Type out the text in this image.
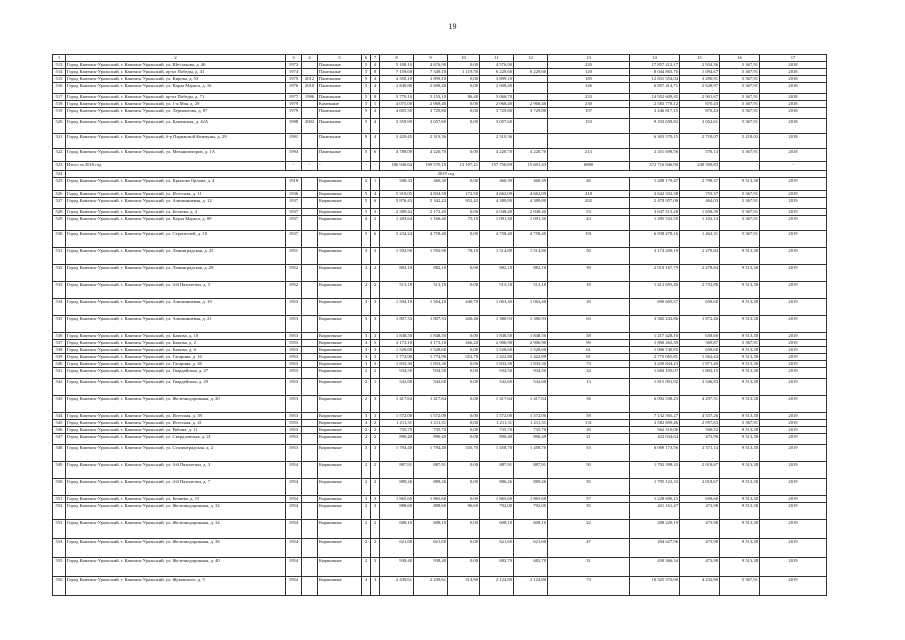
19
1	2	3	4	5	6	7	8	9	10	11	12	13	14	15	16	17
513	Город Каменск-Уральский, г. Каменск-Уральский, ул. Шестакова, д. 46	1973		Панельные	5	4	5 108,10	4 676,90	0,00	4 576,90		220	17 857 212,17	2 934,36	5 367,91	2018
514	Город Каменск-Уральский, г. Каменск-Уральский, пр-кт Победы, д. 41	1974		Панельные	5	8	7 159,60	7 349,10	1 119,50	6 229,60	6 229,60	120	8 044 865,76	1 094,67	5 367,91	2018
515	Город Каменск-Уральский, г. Каменск-Уральский, ул. Кирова, д. 53	1975	2012	Панельные	5	4	4 350,10	3 899,10	0,00	3 899,10		185	12 831 554,04	3 290,91	5 367,91	2018
516	Город Каменск-Уральский, г. Каменск-Уральский, ул. Карла Маркса, д. 16	1976	2010	Панельные	5	4	2 840,80	2 608,40	0,00	2 608,40		126	6 857 414,71	2 628,97	5 367,91	2018
517	Город Каменск-Уральский, г. Каменск-Уральский, пр-кт Победы, д. 71	1977	1996	Панельные	5	8	5 770,10	5 153,10	86,40	5 066,70		233	14 952 609,45	2 901,67	5 367,91	2018
518	Город Каменск-Уральский, г. Каменск-Уральский, ул. 1-я Мая, д. 29	1979		Каменные	5	1	4 075,00	2 968,40	0,00	2 968,40	2 968,40	230	2 583 778,12	870,43	5 367,91	2018
519	Город Каменск-Уральский, г. Каменск-Уральский, ул. Лермонтова, д. 87	1979		Панельные	5	4	4 605,50	3 729,80	0,00	3 729,80	3 729,80	197	3 246 817,15	870,43	5 367,91	2018
520	Город Каменск-Уральский, г. Каменск-Уральский, ул. Каменская, д. 42А	1988	2002	Панельные	5	4	3 359,90	3 057,60	0,00	3 057,60		153	9 333 658,82	3 052,61	5 367,91	2018
521	Город Каменск-Уральский, г. Каменск-Уральский, б-р Парижской Коммуны, д. 29	1991		Панельные	9	4	3 429,45	2 319,36		2 319,36			6 303 570,15	2 718,07	5 218,02	2018
522	Город Каменск-Уральский, г. Каменск-Уральский, ул. Механизаторов, д. 1А	1994		Панельные	5	6	4 788,00	4 220,70	0,00	4 220,70	4 220,70	213	2 451 698,56	576,14	5 367,91	2018
523	Итого за 2018 год	-	-	-	-	-	186 940,64	169 570,10	13 107,21	157 750,89	15 601,43	6880	372 716 846,90	240 509,83	-	-
524	2019 год															
525	Город Каменск-Уральский, г. Каменск-Уральский, ул. Крылова Орлова, д. 4	1918		Кирпичные	2	1	508,33	460,39	0,00	460,39	460,39	26	1 288 179,47	2 798,37	9 513,38	2019
526	Город Каменск-Уральский, г. Каменск-Уральский, ул. Исетская, д. 11	1936		Кирпичные	5	4	5 318,05	4 834,59	172,50	4 662,09	4 662,09	218	3 642 332,38	753,37	5 367,91	2019
527	Город Каменск-Уральский, г. Каменск-Уральский, ул. Алюминиевая, д. 12	1937		Кирпичные	5	6	5 876,43	5 342,22	952,42	4 389,80	4 389,80	202	2 478 957,00	464,03	5 367,91	2019
528	Город Каменск-Уральский, г. Каменск-Уральский, ул. Беляева, д. 4	1937		Кирпичные	5	3	2 389,42	2 172,20	0,00	2 048,40	2 048,40	53	3 647 513,28	1 658,39	5 367,91	2019
529	Город Каменск-Уральский, г. Каменск-Уральский, ул. Карла Маркса, д. 89	1937		Кирпичные	4	2	1 283,64	1 166,40	75,10	1 091,30	1 091,30	43	1 285 532,59	1 102,14	5 367,91	2019
530	Город Каменск-Уральский, г. Каменск-Уральский, ул. Строителей, д. 10	1937		Кирпичные	5	6	5 234,24	4 758,40	0,00	4 758,40	4 758,40	191	6 938 278,16	1 462,31	5 367,91	2019
531	Город Каменск-Уральский, г. Каменск-Уральский, ул. Ленинградская, д. 25	1951		Кирпичные	3	3	1 592,90	1 592,90	78,10	1 514,80	1 514,80	50	3 174 200,19	2 278,84	9 513,38	2019
532	Город Каменск-Уральский, г. Каменск-Уральский, ул. Ленинградская, д. 29	1952		Кирпичные	2	2	882,10	882,10	0,00	882,10	882,10	39	2 010 167,79	2 278,84	9 513,38	2019
533	Город Каменск-Уральский, г. Каменск-Уральский, ул. 4-й Пятилетки, д. 5	1952		Кирпичные	2	2	513,18	513,18	0,00	513,18	513,18	18	1 412 695,46	2 752,88	9 513,38	2019
534	Город Каменск-Уральский, г. Каменск-Уральский, ул. Алюминиевая, д. 19	1953		Кирпичные	3	3	1 504,10	1 504,10	440,70	1 063,40	1 063,40	29	690 605,57	658,60	9 513,38	2019
535	Город Каменск-Уральский, г. Каменск-Уральский, ул. Алюминиевая, д. 21	1953		Кирпичные	3	3	1 807,33	1 807,33	426,40	1 380,93	1 380,93	63	3 382 243,86	1 872,40	9 513,38	2019
536	Город Каменск-Уральский, г. Каменск-Уральский, ул. Бажова, д. 10	1953		Кирпичные	3	3	1 848,50	1 848,50	0,00	1 848,50	1 848,50	58	1 217 428,10	658,60	9 513,38	2019
537	Город Каменск-Уральский, г. Каменск-Уральский, ул. Бажова, д. 2	1953		Кирпичные	4	5	3 173,10	3 173,10	266,20	2 906,90	2 906,90	99	1 800 265,39	569,87	5 367,91	2019
538	Город Каменск-Уральский, г. Каменск-Уральский, ул. Бажова, д. 6	1953		Кирпичные	3	3	1 528,60	1 528,60	0,00	1 528,60	1 528,60	61	1 006 740,85	658,60	9 513,38	2019
539	Город Каменск-Уральский, г. Каменск-Уральский, ул. Гагарина, д. 16	1953		Кирпичные	3	3	1 774,98	1 774,98	352,78	1 422,80	1 422,80	61	2 775 065,81	1 562,44	9 513,38	2019
540	Город Каменск-Уральский, г. Каменск-Уральский, ул. Гагарина, д. 38	1953		Кирпичные	3	3	1 833,30	1 833,30	0,00	1 833,30	1 833,30	73	3 430 844,23	1 871,40	9 513,38	2019
541	Город Каменск-Уральский, г. Каменск-Уральский, ул. Гвардейская, д. 27	1953		Кирпичные	2	2	934,50	934,50	0,00	934,50	934,50	34	1 684 105,07	1 802,15	9 513,38	2019
542	Город Каменск-Уральский, г. Каменск-Уральский, ул. Гвардейская, д. 29	1953		Кирпичные	2	1	542,60	542,60	0,00	542,60	542,60	13	1 815 991,92	3 346,83	9 513,38	2019
543	Город Каменск-Уральский, г. Каменск-Уральский, ул. Железнодорожная, д. 20	1953		Кирпичные	2	3	1 417,64	1 417,64	0,00	1 417,64	1 417,64	56	6 092 538,23	4 297,51	9 513,38	2019
544	Город Каменск-Уральский, г. Каменск-Уральский, ул. Исетская, д. 39	1953		Кирпичные	3	3	1 572,00	1 572,00	0,00	1 572,00	1 572,00	59	7 132 565,27	4 537,26	9 513,38	2019
545	Город Каменск-Уральский, г. Каменск-Уральский, ул. Исетская, д. 41	1953		Кирпичные	4	2	1 211,31	1 211,31	0,00	1 211,31	1 211,31	131	3 582 699,46	2 957,63	5 367,91	2019
546	Город Каменск-Уральский, г. Каменск-Уральский, ул. Рябина, д. 11	1953		Кирпичные	2	2	735,70	735,70	0,00	735,70	735,70	29	562 510,06	500,52	9 513,38	2019
547	Город Каменск-Уральский, г. Каменск-Уральский, ул. Свердловская, д. 21	1953		Кирпичные	2	2	890,40	890,40	0,00	890,40	890,40	21	422 034,64	473,98	9 513,38	2019
548	Город Каменск-Уральский, г. Каменск-Уральский, ул. Сталинградская, д. 2	1953		Кирпичные	3	3	1 794,40	1 794,40	335,70	1 458,70	1 458,70	53	6 069 173,56	2 371,14	9 513,38	2019
549	Город Каменск-Уральский, г. Каменск-Уральский, ул. 4-й Пятилетки, д. 3	1954		Кирпичные	2	2	887,91	887,91	0,00	887,91	887,91	50	1 792 398,33	2 018,67	9 513,38	2019
550	Город Каменск-Уральский, г. Каменск-Уральский, ул. 4-й Пятилетки, д. 7	1954		Кирпичные	2	2	889,26	889,26	0,00	886,26	889,26	35	1 795 123,33	2 018,67	9 513,38	2019
551	Город Каменск-Уральский, г. Каменск-Уральский, ул. Беляева, д. 15	1954		Кирпичные	3	3	1 865,60	1 865,60	0,00	1 865,60	1 865,60	57	1 228 690,13	658,60	9 513,38	2019
552	Город Каменск-Уральский, г. Каменск-Уральский, ул. Железнодорожная, д. 32	1954		Кирпичные	2	3	888,60	888,60	96,60	792,00	792,00	35	421 161,47	473,98	9 513,38	2019
553	Город Каменск-Уральский, г. Каменск-Уральский, ул. Железнодорожная, д. 34	1954		Кирпичные	2	2	608,10	608,10	0,00	608,10	608,10	22	288 229,19	473,98	9 513,38	2019
554	Город Каменск-Уральский, г. Каменск-Уральский, ул. Железнодорожная, д. 38	1954		Кирпичные	2	2	621,60	621,60	0,00	621,60	621,60	47	294 627,96	473,98	9 513,38	2019
555	Город Каменск-Уральский, г. Каменск-Уральский, ул. Железнодорожная, д. 40	1954		Кирпичные	2	3	938,40	938,40	0,00	682,70	682,70	31	430 366,34	473,98	9 513,38	2019
556	Город Каменск-Уральский, г. Каменск-Уральский, ул. Жуковского, д. 5	1954		Кирпичные	4	3	2 439,61	2 439,61	314,80	2 124,80	2 124,80	73	10 325 370,00	4 232,80	5 367,91	2019
